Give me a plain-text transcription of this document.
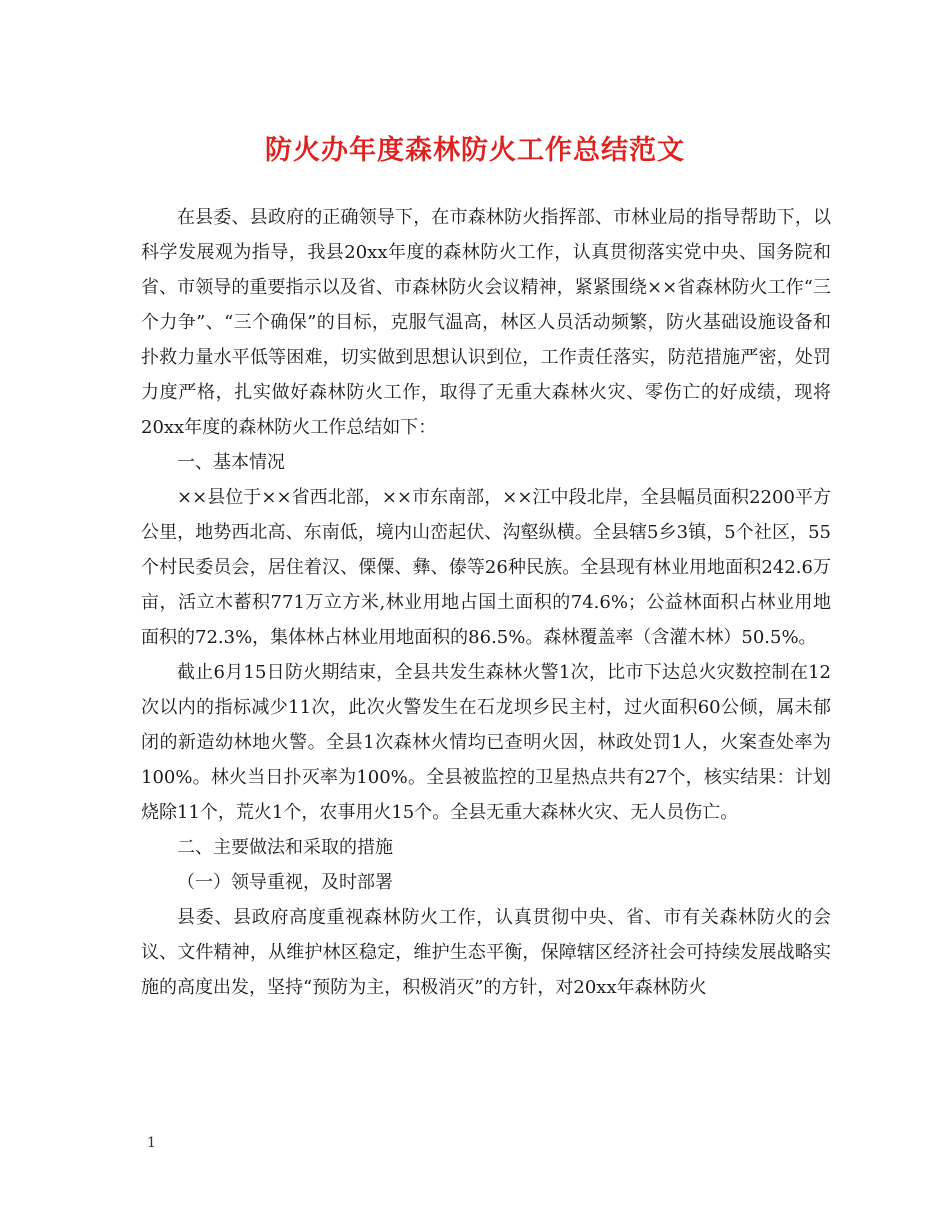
防火办年度森林防火工作总结范文

在县委、县政府的正确领导下，在市森林防火指挥部、市林业局的指导帮助下，以科学发展观为指导，我县20xx年度的森林防火工作，认真贯彻落实党中央、国务院和省、市领导的重要指示以及省、市森林防火会议精神，紧紧围绕××省森林防火工作“三个力争”、“三个确保”的目标，克服气温高，林区人员活动频繁，防火基础设施设备和扑救力量水平低等困难，切实做到思想认识到位，工作责任落实，防范措施严密，处罚力度严格，扎实做好森林防火工作，取得了无重大森林火灾、零伤亡的好成绩，现将20xx年度的森林防火工作总结如下：

一、基本情况

××县位于××省西北部，××市东南部，××江中段北岸，全县幅员面积2200平方公里，地势西北高、东南低，境内山峦起伏、沟壑纵横。全县辖5乡3镇，5个社区，55个村民委员会，居住着汉、傈僳、彝、傣等26种民族。全县现有林业用地面积242.6万亩，活立木蓄积771万立方米,林业用地占国土面积的74.6%；公益林面积占林业用地面积的72.3%，集体林占林业用地面积的86.5%。森林覆盖率（含灌木林）50.5%。

截止6月15日防火期结束，全县共发生森林火警1次，比市下达总火灾数控制在12次以内的指标减少11次，此次火警发生在石龙坝乡民主村，过火面积60公倾，属未郁闭的新造幼林地火警。全县1次森林火情均已查明火因，林政处罚1人，火案查处率为100%。林火当日扑灭率为100%。全县被监控的卫星热点共有27个，核实结果：计划烧除11个，荒火1个，农事用火15个。全县无重大森林火灾、无人员伤亡。

二、主要做法和采取的措施

（一）领导重视，及时部署

县委、县政府高度重视森林防火工作，认真贯彻中央、省、市有关森林防火的会议、文件精神，从维护林区稳定，维护生态平衡，保障辖区经济社会可持续发展战略实施的高度出发，坚持“预防为主，积极消灭”的方针，对20xx年森林防火

1
